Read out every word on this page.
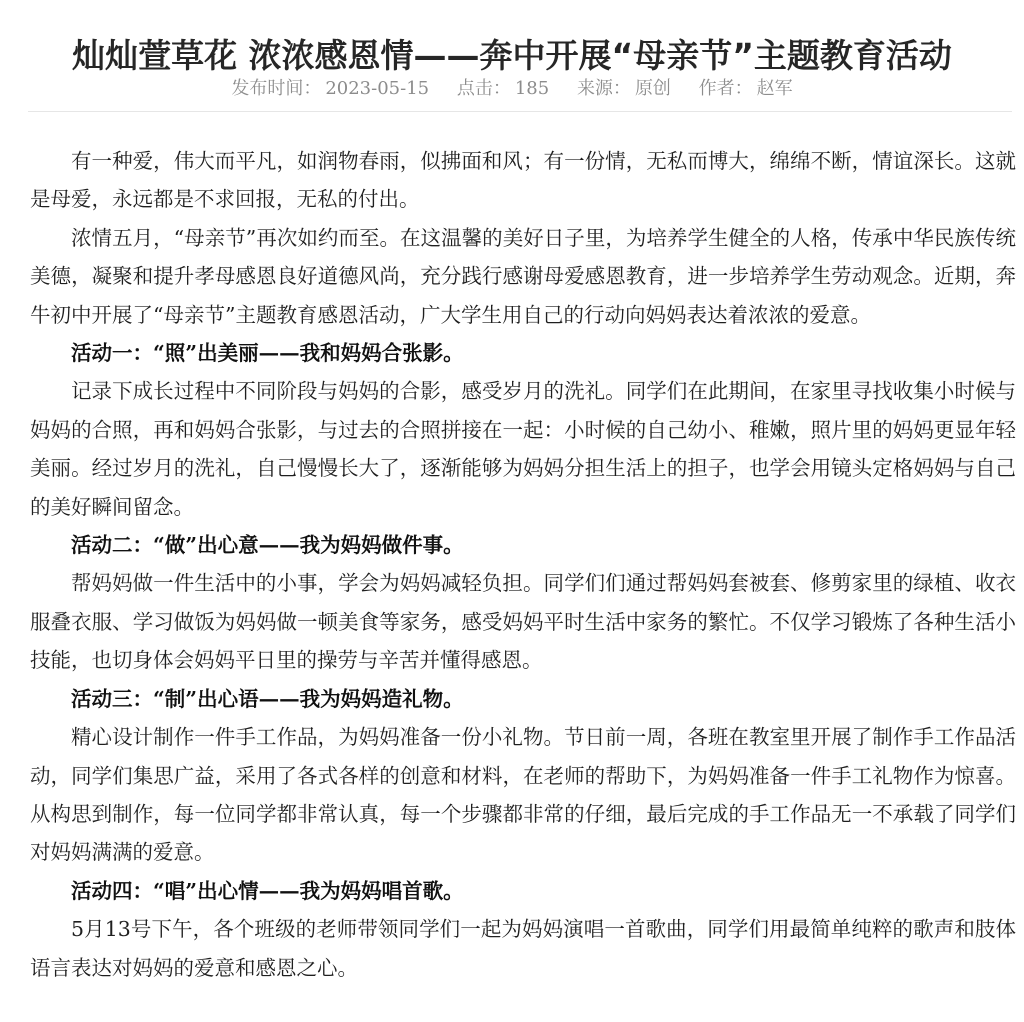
灿灿萱草花 浓浓感恩情——奔中开展“母亲节”主题教育活动
发布时间： 2023-05-15 点击： 185 来源： 原创 作者： 赵军

有一种爱，伟大而平凡，如润物春雨，似拂面和风；有一份情，无私而博大，绵绵不断，情谊深长。这就是母爱，永远都是不求回报，无私的付出。

浓情五月，“母亲节”再次如约而至。在这温馨的美好日子里，为培养学生健全的人格，传承中华民族传统美德，凝聚和提升孝母感恩良好道德风尚，充分践行感谢母爱感恩教育，进一步培养学生劳动观念。近期，奔牛初中开展了“母亲节”主题教育感恩活动，广大学生用自己的行动向妈妈表达着浓浓的爱意。

活动一：“照”出美丽——我和妈妈合张影。

记录下成长过程中不同阶段与妈妈的合影，感受岁月的洗礼。同学们在此期间，在家里寻找收集小时候与妈妈的合照，再和妈妈合张影，与过去的合照拼接在一起：小时候的自己幼小、稚嫩，照片里的妈妈更显年轻美丽。经过岁月的洗礼，自己慢慢长大了，逐渐能够为妈妈分担生活上的担子，也学会用镜头定格妈妈与自己的美好瞬间留念。

活动二：“做”出心意——我为妈妈做件事。

帮妈妈做一件生活中的小事，学会为妈妈减轻负担。同学们们通过帮妈妈套被套、修剪家里的绿植、收衣服叠衣服、学习做饭为妈妈做一顿美食等家务，感受妈妈平时生活中家务的繁忙。不仅学习锻炼了各种生活小技能，也切身体会妈妈平日里的操劳与辛苦并懂得感恩。

活动三：“制”出心语——我为妈妈造礼物。

精心设计制作一件手工作品，为妈妈准备一份小礼物。节日前一周，各班在教室里开展了制作手工作品活动，同学们集思广益，采用了各式各样的创意和材料，在老师的帮助下，为妈妈准备一件手工礼物作为惊喜。从构思到制作，每一位同学都非常认真，每一个步骤都非常的仔细，最后完成的手工作品无一不承载了同学们对妈妈满满的爱意。

活动四：“唱”出心情——我为妈妈唱首歌。

5月13号下午，各个班级的老师带领同学们一起为妈妈演唱一首歌曲，同学们用最简单纯粹的歌声和肢体语言表达对妈妈的爱意和感恩之心。
